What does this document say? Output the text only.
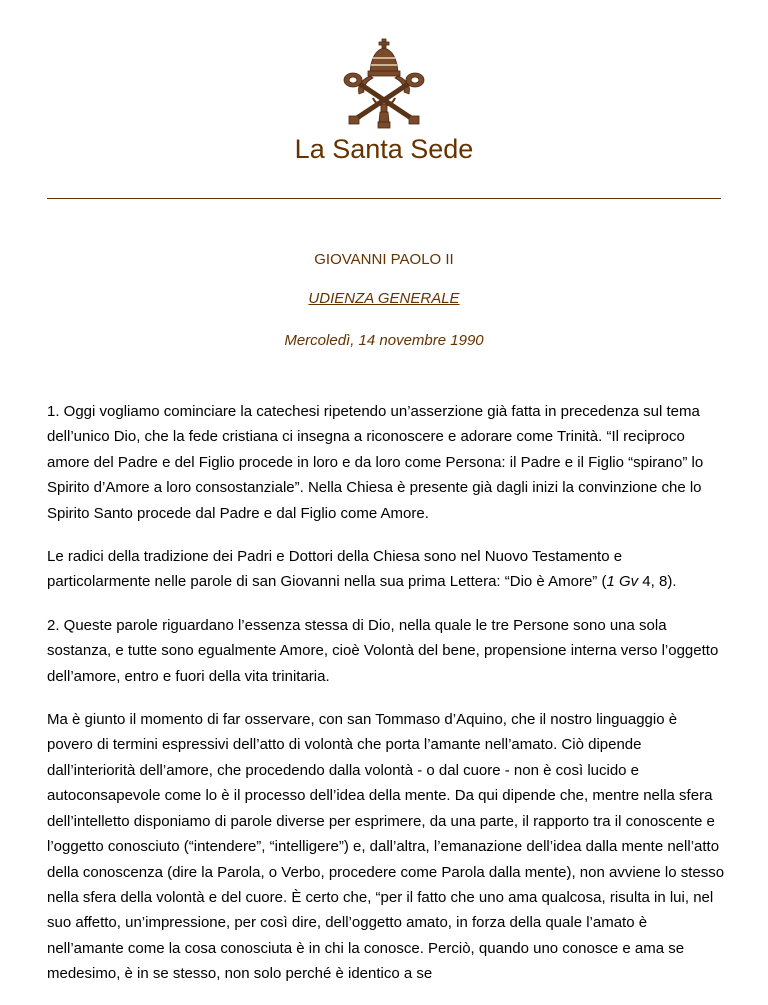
La Santa Sede
GIOVANNI PAOLO II
UDIENZA GENERALE
Mercoledì, 14 novembre 1990

1. Oggi vogliamo cominciare la catechesi ripetendo un’asserzione già fatta in precedenza sul tema dell’unico Dio, che la fede cristiana ci insegna a riconoscere e adorare come Trinità. “Il reciproco amore del Padre e del Figlio procede in loro e da loro come Persona: il Padre e il Figlio “spirano” lo Spirito d’Amore a loro consostanziale”. Nella Chiesa è presente già dagli inizi la convinzione che lo Spirito Santo procede dal Padre e dal Figlio come Amore.

Le radici della tradizione dei Padri e Dottori della Chiesa sono nel Nuovo Testamento e particolarmente nelle parole di san Giovanni nella sua prima Lettera: “Dio è Amore” (1 Gv 4, 8).

2. Queste parole riguardano l’essenza stessa di Dio, nella quale le tre Persone sono una sola sostanza, e tutte sono egualmente Amore, cioè Volontà del bene, propensione interna verso l’oggetto dell’amore, entro e fuori della vita trinitaria.

Ma è giunto il momento di far osservare, con san Tommaso d’Aquino, che il nostro linguaggio è povero di termini espressivi dell’atto di volontà che porta l’amante nell’amato. Ciò dipende dall’interiorità dell’amore, che procedendo dalla volontà - o dal cuore - non è così lucido e autoconsapevole come lo è il processo dell’idea della mente. Da qui dipende che, mentre nella sfera dell’intelletto disponiamo di parole diverse per esprimere, da una parte, il rapporto tra il conoscente e l’oggetto conosciuto (“intendere”, “intelligere”) e, dall’altra, l’emanazione dell’idea dalla mente nell’atto della conoscenza (dire la Parola, o Verbo, procedere come Parola dalla mente), non avviene lo stesso nella sfera della volontà e del cuore. È certo che, “per il fatto che uno ama qualcosa, risulta in lui, nel suo affetto, un’impressione, per così dire, dell’oggetto amato, in forza della quale l’amato è nell’amante come la cosa conosciuta è in chi la conosce. Perciò, quando uno conosce e ama se medesimo, è in se stesso, non solo perché è identico a se
